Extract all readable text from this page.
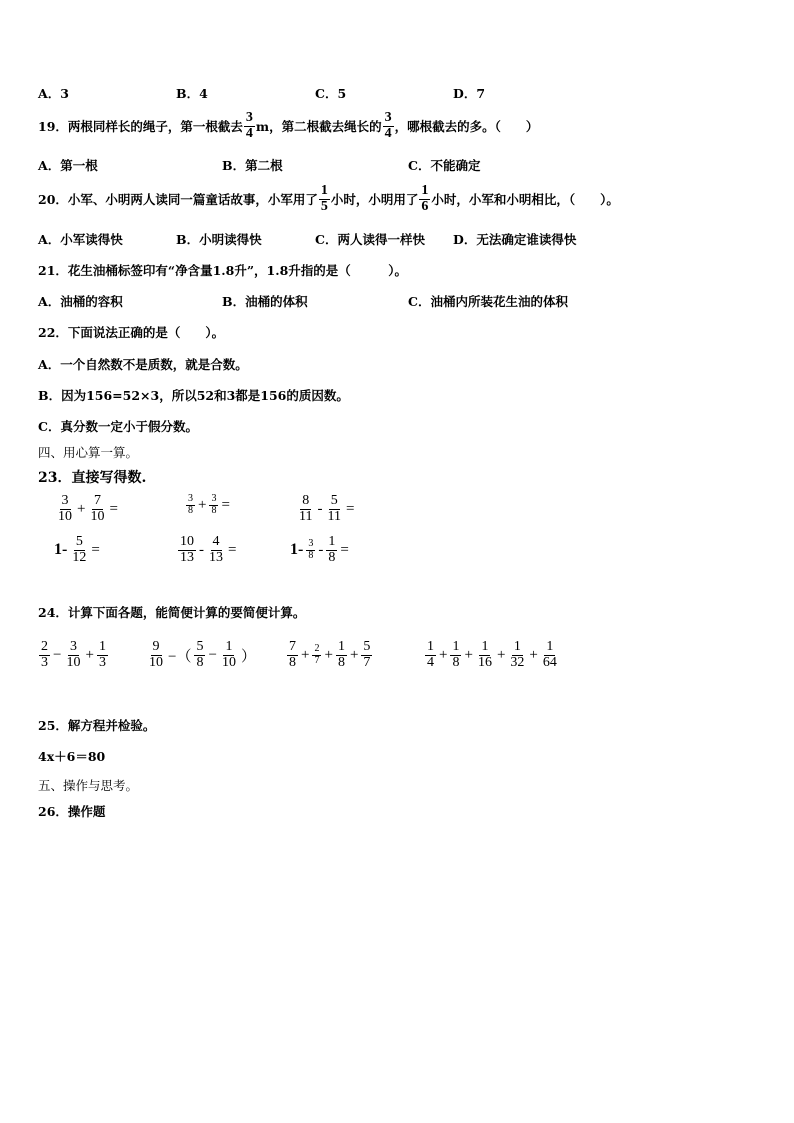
A．3	B．4	C．5	D．7
19．两根同样长的绳子，第一根截去 $\frac{3}{4}$ m，第二根截去绳长的 $\frac{3}{4}$ ，哪根截去的多。（　　）
A．第一根	B．第二根	C．不能确定
20．小军、小明两人读同一篇童话故事，小军用了 $\frac{1}{5}$ 小时，小明用了 $\frac{1}{6}$ 小时，小军和小明相比，（　　）。
A．小军读得快	B．小明读得快	C．两人读得一样快 D．无法确定谁读得快
21．花生油桶标签印有“净含量1.8升”，1.8升指的是（　　　）。
A．油桶的容积	B．油桶的体积	C．油桶内所装花生油的体积
22．下面说法正确的是（　　）。
A．一个自然数不是质数，就是合数。
B．因为156=52×3，所以52和3都是156的质因数。
C．真分数一定小于假分数。
四、用心算一算。
23．直接写得数.
$\frac{3}{10} + \frac{7}{10}$ =	$\frac{3}{8} + \frac{3}{8}$ =	$\frac{8}{11} - \frac{5}{11}$ =
$1- \frac{5}{12}$ =	$\frac{10}{13} - \frac{4}{13}$ =	$1- \frac{3}{8} - \frac{1}{8}$ =
24．计算下面各题，能简便计算的要简便计算。
$\frac{2}{3} - \frac{3}{10} + \frac{1}{3}$	$\frac{9}{10}$ −（ $\frac{5}{8} - \frac{1}{10}$ ） $\frac{7}{8} + \frac{2}{7} + \frac{1}{8} + \frac{5}{7}$	$\frac{1}{4} + \frac{1}{8} + \frac{1}{16} + \frac{1}{32} + \frac{1}{64}$
25．解方程并检验。
4x＋6＝80
五、操作与思考。
26．操作题
